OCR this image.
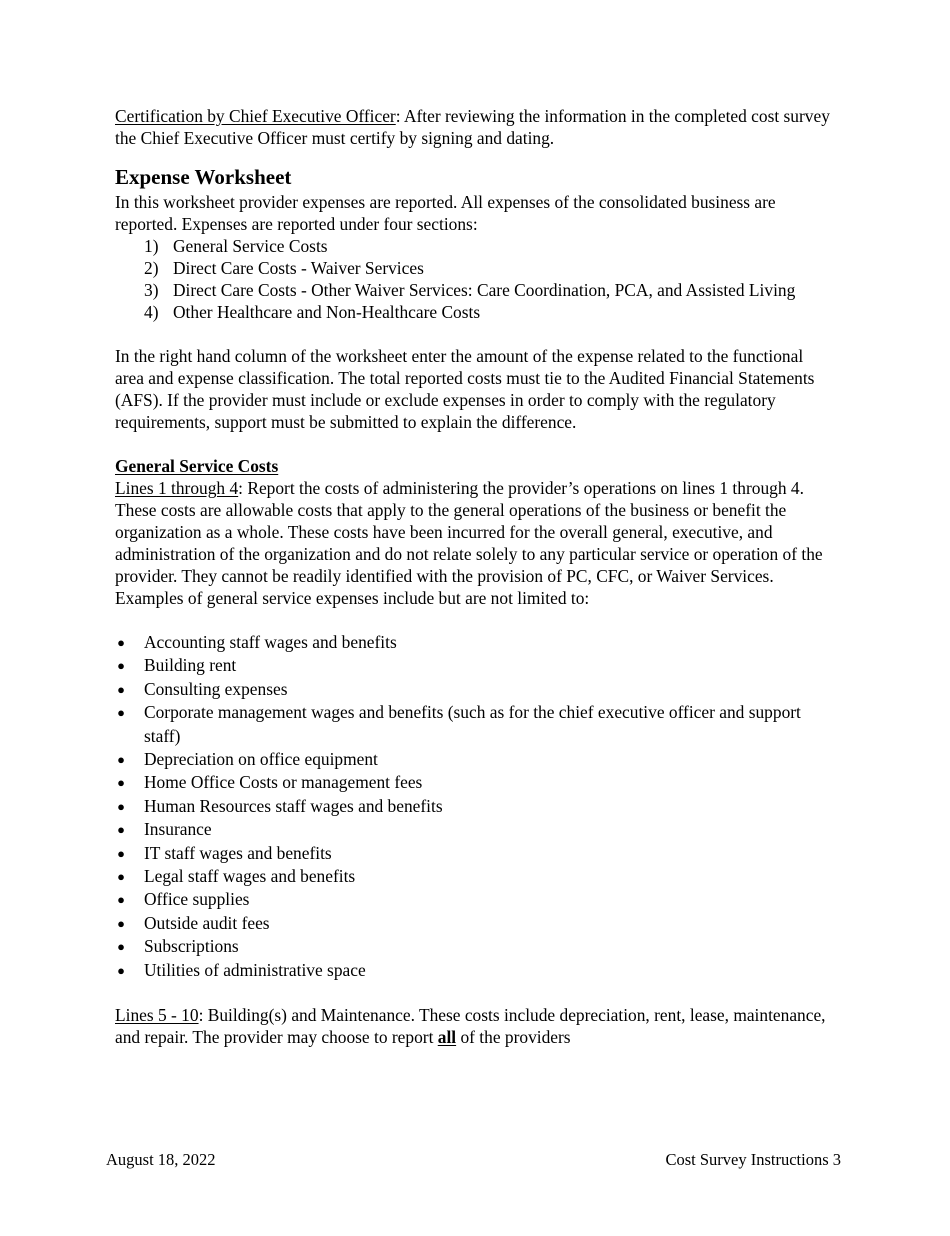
Certification by Chief Executive Officer: After reviewing the information in the completed cost survey the Chief Executive Officer must certify by signing and dating.

Expense Worksheet

In this worksheet provider expenses are reported. All expenses of the consolidated business are reported. Expenses are reported under four sections:

1) General Service Costs
2) Direct Care Costs - Waiver Services
3) Direct Care Costs - Other Waiver Services: Care Coordination, PCA, and Assisted Living
4) Other Healthcare and Non-Healthcare Costs

In the right hand column of the worksheet enter the amount of the expense related to the functional area and expense classification. The total reported costs must tie to the Audited Financial Statements (AFS). If the provider must include or exclude expenses in order to comply with the regulatory requirements, support must be submitted to explain the difference.

General Service Costs

Lines 1 through 4: Report the costs of administering the provider’s operations on lines 1 through 4. These costs are allowable costs that apply to the general operations of the business or benefit the organization as a whole. These costs have been incurred for the overall general, executive, and administration of the organization and do not relate solely to any particular service or operation of the provider. They cannot be readily identified with the provision of PC, CFC, or Waiver Services. Examples of general service expenses include but are not limited to:

● Accounting staff wages and benefits
● Building rent
● Consulting expenses
● Corporate management wages and benefits (such as for the chief executive officer and support staff)
● Depreciation on office equipment
● Home Office Costs or management fees
● Human Resources staff wages and benefits
● Insurance
● IT staff wages and benefits
● Legal staff wages and benefits
● Office supplies
● Outside audit fees
● Subscriptions
● Utilities of administrative space

Lines 5 - 10: Building(s) and Maintenance. These costs include depreciation, rent, lease, maintenance, and repair. The provider may choose to report all of the providers

August 18, 2022	Cost Survey Instructions 3
